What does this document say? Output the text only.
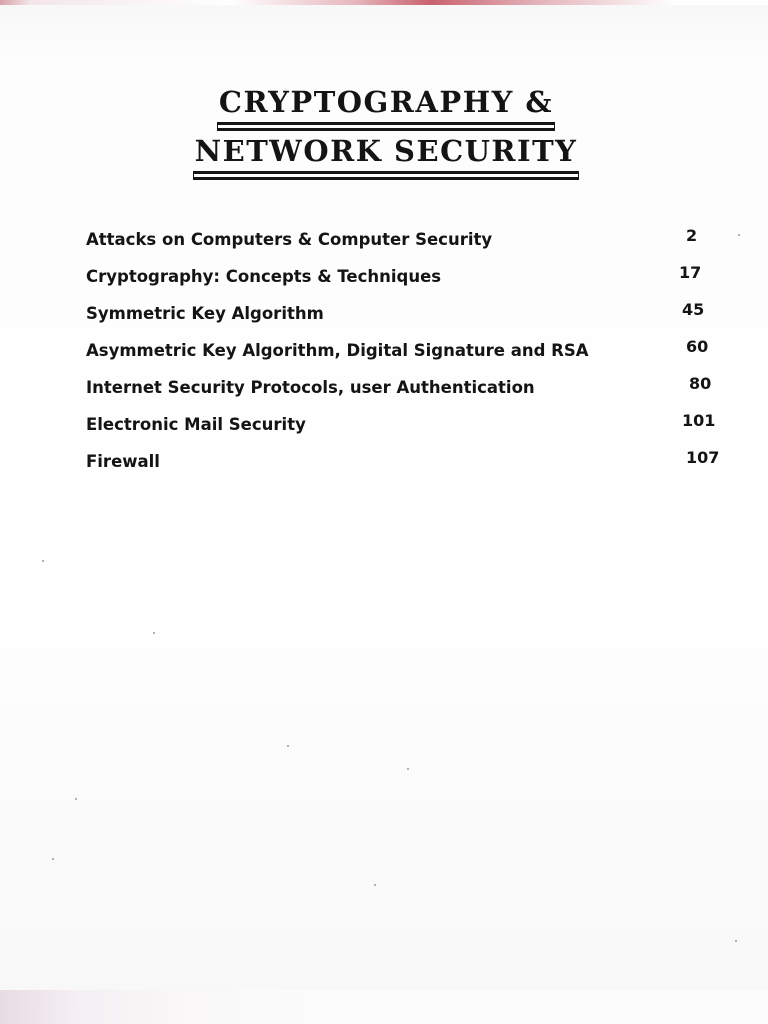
CRYPTOGRAPHY &
NETWORK SECURITY
Attacks on Computers & Computer Security	2
Cryptography: Concepts & Techniques	17
Symmetric Key Algorithm	45
Asymmetric Key Algorithm, Digital Signature and RSA	60
Internet Security Protocols, user Authentication	80
Electronic Mail Security	101
Firewall	107
